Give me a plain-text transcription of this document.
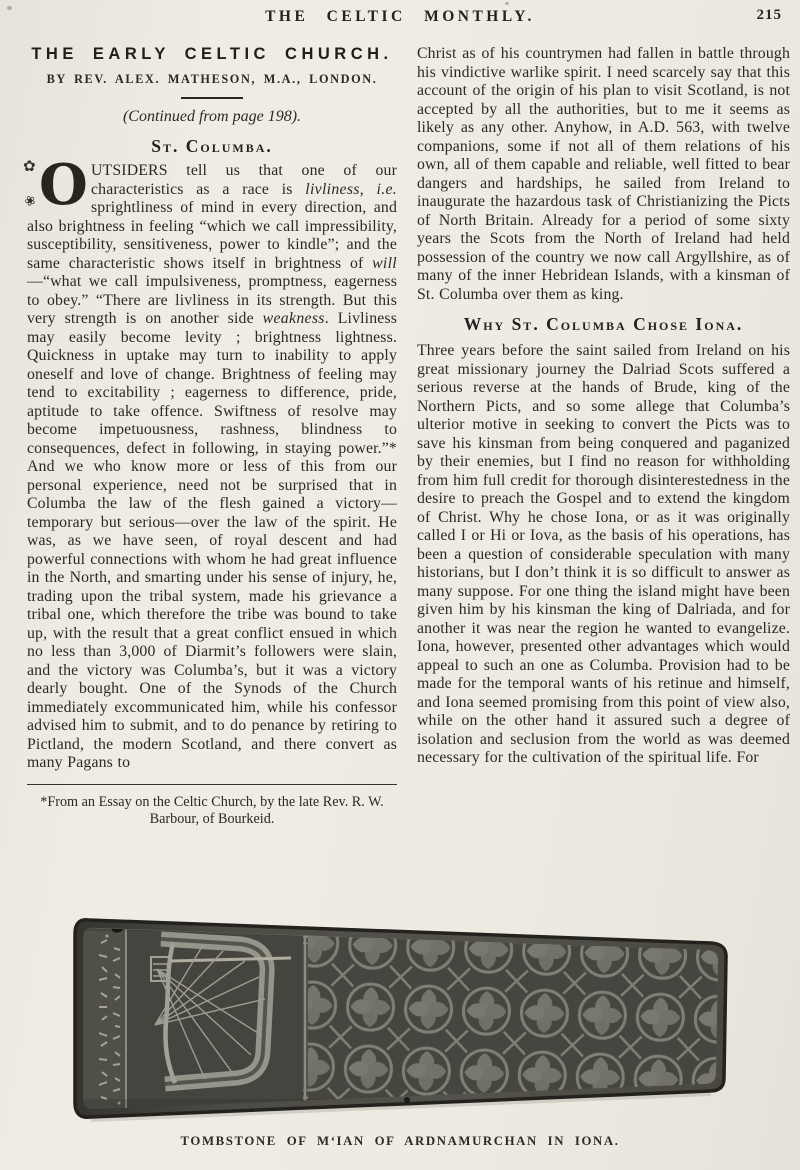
THE CELTIC MONTHLY.	215
THE EARLY CELTIC CHURCH.
BY REV. ALEX. MATHESON, M.A., LONDON.
(Continued from page 198).
St. Columba.
✿
❀ O UTSIDERS tell us that one of our characteristics as a race is livliness, i.e. sprightliness of mind in every direction, and also brightness in feeling “which we call impressibility, susceptibility, sensitiveness, power to kindle”; and the same characteristic shows itself in brightness of will—“what we call impulsiveness, promptness, eagerness to obey.” “There are livliness in its strength. But this very strength is on another side weakness. Livliness may easily become levity ; brightness lightness. Quickness in uptake may turn to inability to apply oneself and love of change. Brightness of feeling may tend to excitability ; eagerness to difference, pride, aptitude to take offence. Swiftness of resolve may become impetuousness, rashness, blindness to consequences, defect in following, in staying power.”* And we who know more or less of this from our personal experience, need not be surprised that in Columba the law of the flesh gained a victory—temporary but serious—over the law of the spirit. He was, as we have seen, of royal descent and had powerful connections with whom he had great influence in the North, and smarting under his sense of injury, he, trading upon the tribal system, made his grievance a tribal one, which therefore the tribe was bound to take up, with the result that a great conflict ensued in which no less than 3,000 of Diarmit’s followers were slain, and the victory was Columba’s, but it was a victory dearly bought. One of the Synods of the Church immediately excommunicated him, while his confessor advised him to submit, and to do penance by retiring to Pictland, the modern Scotland, and there convert as many Pagans to
*From an Essay on the Celtic Church, by the late Rev. R. W. Barbour, of Bourkeid.
Christ as of his countrymen had fallen in battle through his vindictive warlike spirit. I need scarcely say that this account of the origin of his plan to visit Scotland, is not accepted by all the authorities, but to me it seems as likely as any other. Anyhow, in A.D. 563, with twelve companions, some if not all of them relations of his own, all of them capable and reliable, well fitted to bear dangers and hardships, he sailed from Ireland to inaugurate the hazardous task of Christianizing the Picts of North Britain. Already for a period of some sixty years the Scots from the North of Ireland had held possession of the country we now call Argyllshire, as of many of the inner Hebridean Islands, with a kinsman of St. Columba over them as king.
Why St. Columba Chose Iona.
Three years before the saint sailed from Ireland on his great missionary journey the Dalriad Scots suffered a serious reverse at the hands of Brude, king of the Northern Picts, and so some allege that Columba’s ulterior motive in seeking to convert the Picts was to save his kinsman from being conquered and paganized by their enemies, but I find no reason for withholding from him full credit for thorough disinterestedness in the desire to preach the Gospel and to extend the kingdom of Christ. Why he chose Iona, or as it was originally called I or Hi or Iova, as the basis of his operations, has been a question of considerable speculation with many historians, but I don’t think it is so difficult to answer as many suppose. For one thing the island might have been given him by his kinsman the king of Dalriada, and for another it was near the region he wanted to evangelize. Iona, however, presented other advantages which would appeal to such an one as Columba. Provision had to be made for the temporal wants of his retinue and himself, and Iona seemed promising from this point of view also, while on the other hand it assured such a degree of isolation and seclusion from the world as was deemed necessary for the cultivation of the spiritual life. For
TOMBSTONE OF M‘IAN OF ARDNAMURCHAN IN IONA.
